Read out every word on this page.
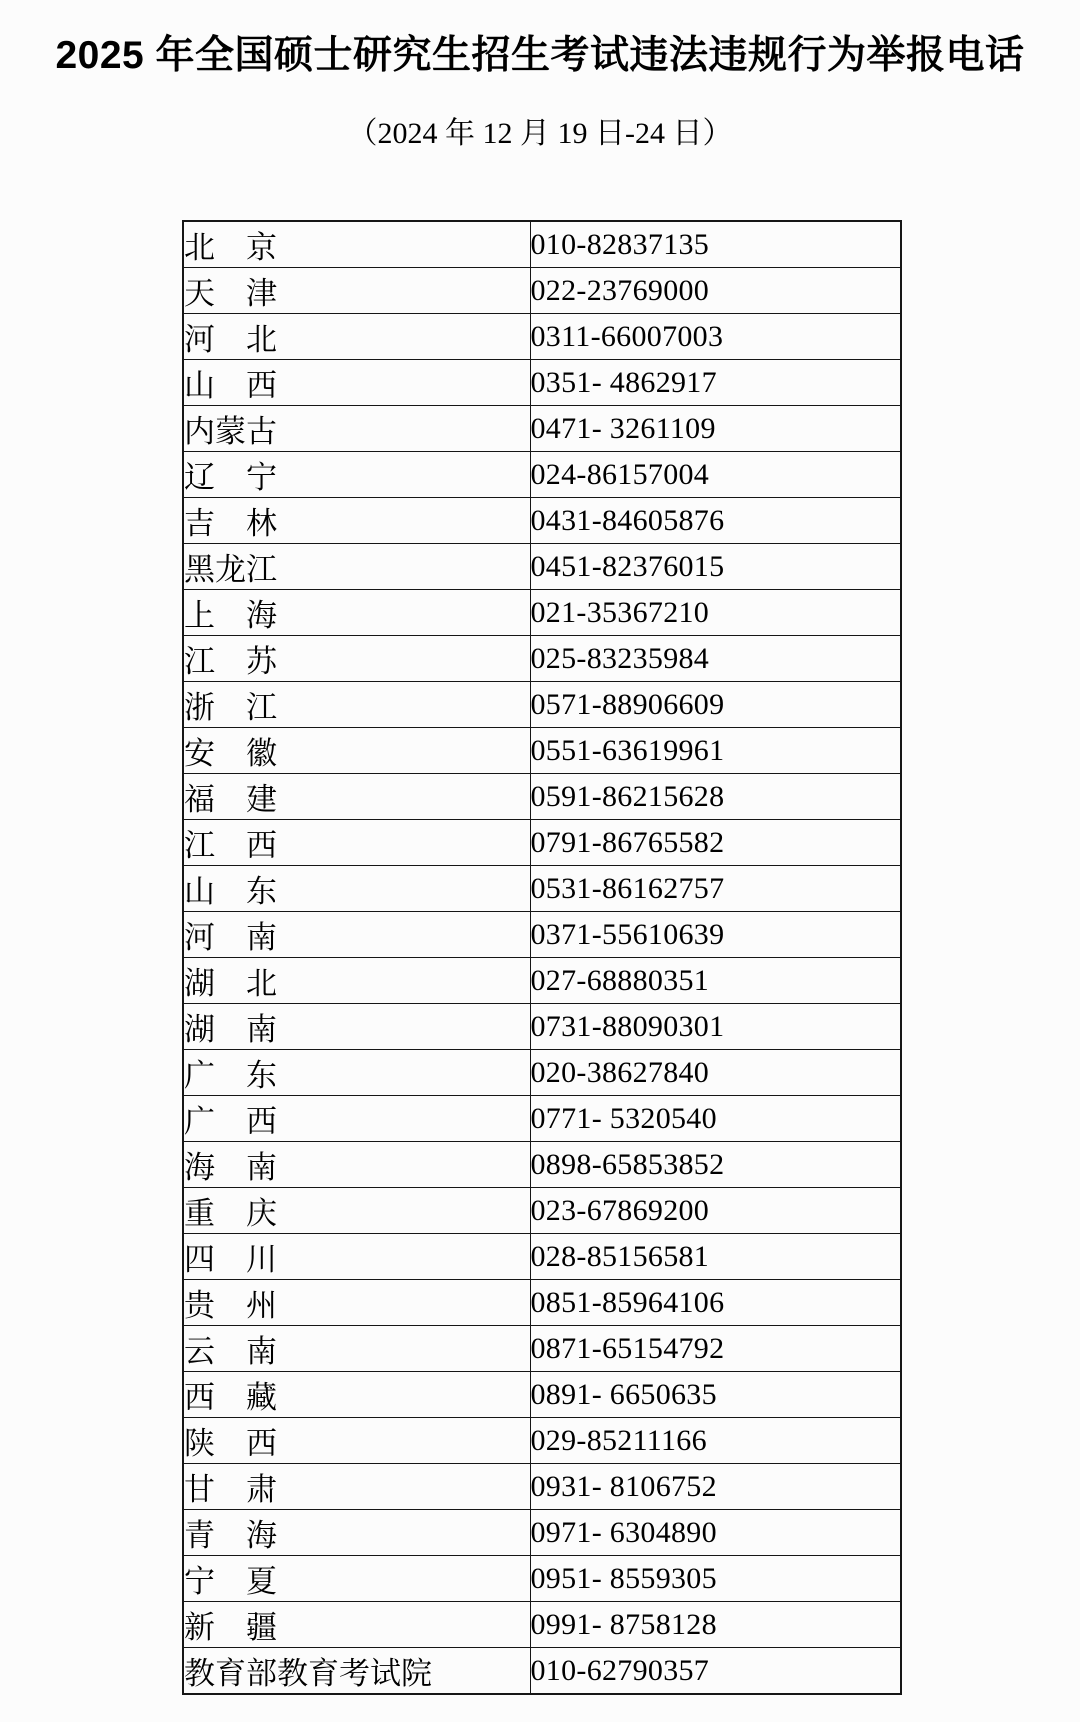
2025 年全国硕士研究生招生考试违法违规行为举报电话
（2024 年 12 月 19 日-24 日）
北　京	010-82837135
天　津	022-23769000
河　北	0311-66007003
山　西	0351- 4862917
内蒙古	0471- 3261109
辽　宁	024-86157004
吉　林	0431-84605876
黑龙江	0451-82376015
上　海	021-35367210
江　苏	025-83235984
浙　江	0571-88906609
安　徽	0551-63619961
福　建	0591-86215628
江　西	0791-86765582
山　东	0531-86162757
河　南	0371-55610639
湖　北	027-68880351
湖　南	0731-88090301
广　东	020-38627840
广　西	0771- 5320540
海　南	0898-65853852
重　庆	023-67869200
四　川	028-85156581
贵　州	0851-85964106
云　南	0871-65154792
西　藏	0891- 6650635
陕　西	029-85211166
甘　肃	0931- 8106752
青　海	0971- 6304890
宁　夏	0951- 8559305
新　疆	0991- 8758128
教育部教育考试院	010-62790357
